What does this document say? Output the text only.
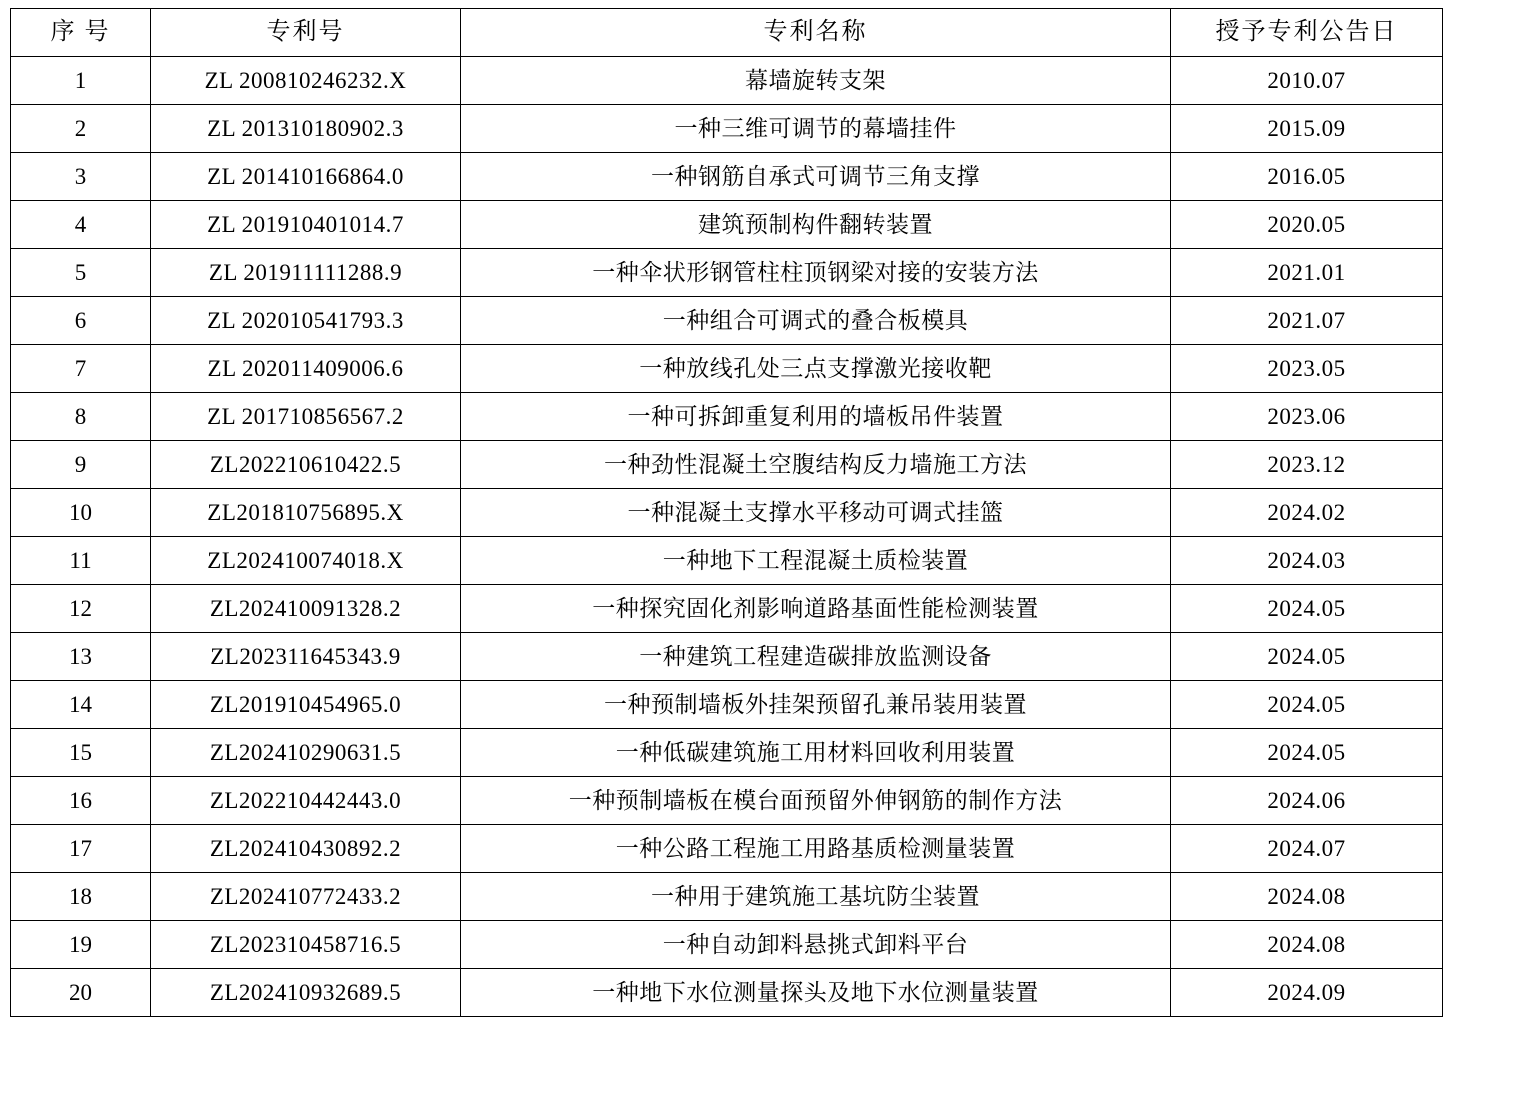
序 号	专利号	专利名称	授予专利公告日
1	ZL 200810246232.X	幕墙旋转支架	2010.07
2	ZL 201310180902.3	一种三维可调节的幕墙挂件	2015.09
3	ZL 201410166864.0	一种钢筋自承式可调节三角支撑	2016.05
4	ZL 201910401014.7	建筑预制构件翻转装置	2020.05
5	ZL 201911111288.9	一种伞状形钢管柱柱顶钢梁对接的安装方法	2021.01
6	ZL 202010541793.3	一种组合可调式的叠合板模具	2021.07
7	ZL 202011409006.6	一种放线孔处三点支撑激光接收靶	2023.05
8	ZL 201710856567.2	一种可拆卸重复利用的墙板吊件装置	2023.06
9	ZL202210610422.5	一种劲性混凝土空腹结构反力墙施工方法	2023.12
10	ZL201810756895.X	一种混凝土支撑水平移动可调式挂篮	2024.02
11	ZL202410074018.X	一种地下工程混凝土质检装置	2024.03
12	ZL202410091328.2	一种探究固化剂影响道路基面性能检测装置	2024.05
13	ZL202311645343.9	一种建筑工程建造碳排放监测设备	2024.05
14	ZL201910454965.0	一种预制墙板外挂架预留孔兼吊装用装置	2024.05
15	ZL202410290631.5	一种低碳建筑施工用材料回收利用装置	2024.05
16	ZL202210442443.0	一种预制墙板在模台面预留外伸钢筋的制作方法	2024.06
17	ZL202410430892.2	一种公路工程施工用路基质检测量装置	2024.07
18	ZL202410772433.2	一种用于建筑施工基坑防尘装置	2024.08
19	ZL202310458716.5	一种自动卸料悬挑式卸料平台	2024.08
20	ZL202410932689.5	一种地下水位测量探头及地下水位测量装置	2024.09
